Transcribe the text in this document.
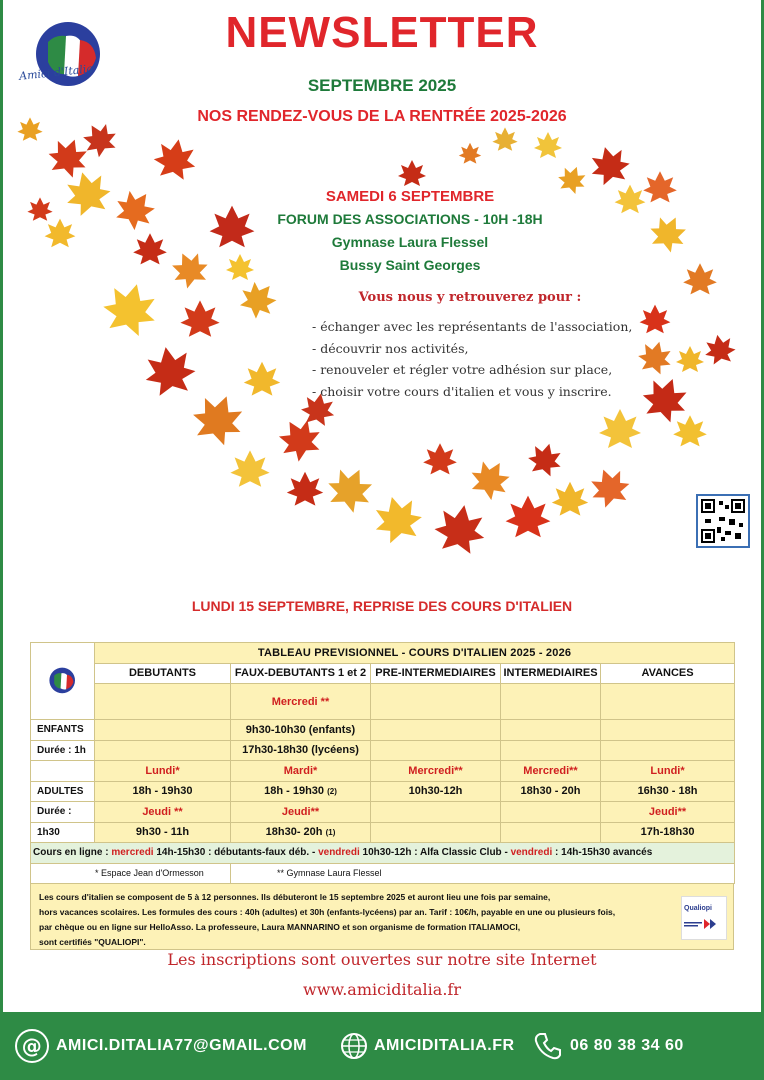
Amici d'Italia
NEWSLETTER
SEPTEMBRE 2025
NOS RENDEZ-VOUS DE LA RENTRÉE 2025-2026
SAMEDI 6 SEPTEMBRE
FORUM DES ASSOCIATIONS - 10H -18H
Gymnase Laura Flessel
Bussy Saint Georges
Vous nous y retrouverez pour :
- échanger avec les représentants de l'association,
- découvrir nos activités,
- renouveler et régler votre adhésion sur place,
- choisir votre cours d'italien et vous y inscrire.
LUNDI 15 SEPTEMBRE, REPRISE DES COURS D'ITALIEN
	TABLEAU PREVISIONNEL - COURS D'ITALIEN 2025 - 2026				
	DEBUTANTS	FAUX-DEBUTANTS 1 et 2	PRE-INTERMEDIAIRES	INTERMEDIAIRES	AVANCES
		Mercredi **			
ENFANTS		9h30-10h30 (enfants)			
Durée : 1h		17h30-18h30 (lycéens)			
	Lundi*	Mardi*	Mercredi**	Mercredi**	Lundi*
ADULTES	18h - 19h30	18h - 19h30 (2)	10h30-12h	18h30 - 20h	16h30 - 18h
Durée :	Jeudi **	Jeudi**			Jeudi**
1h30	9h30 - 11h	18h30- 20h (1)			17h-18h30
Cours en ligne : mercredi 14h-15h30 : débutants-faux déb. - vendredi 10h30-12h : Alfa Classic Club - vendredi : 14h-15h30 avancés					
* Espace Jean d'Ormesson		** Gymnase Laura Flessel			
Les cours d'italien se composent de 5 à 12 personnes. Ils débuteront le 15 septembre 2025 et auront lieu une fois par semaine,
hors vacances scolaires. Les formules des cours : 40h (adultes) et 30h (enfants-lycéens) par an. Tarif : 10€/h, payable en une ou plusieurs fois,
par chèque ou en ligne sur HelloAsso. La professeure, Laura MANNARINO et son organisme de formation ITALIAMOCI,
sont certifiés "QUALIOPI".
Qualiopi
Les inscriptions sont ouvertes sur notre site Internet
www.amiciditalia.fr
@ AMICI.DITALIA77@GMAIL.COM	AMICIDITALIA.FR	06 80 38 34 60
